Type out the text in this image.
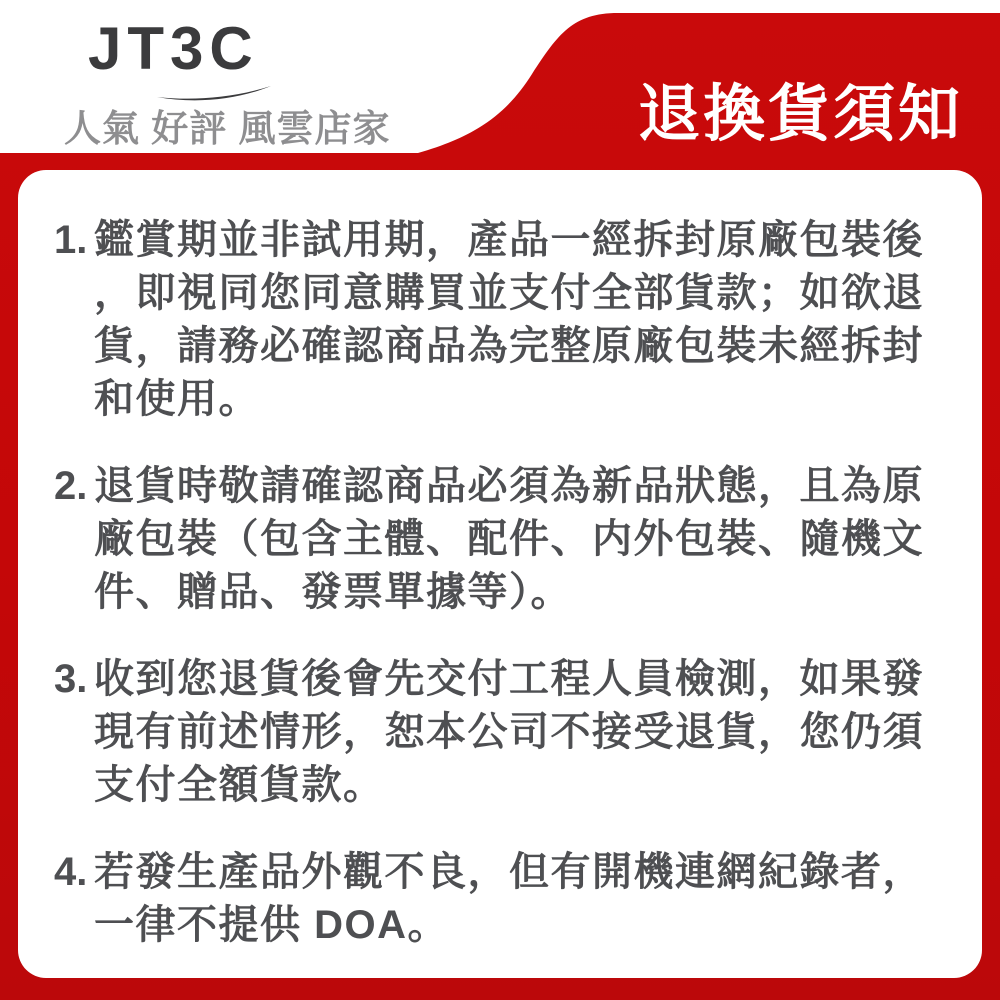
JT3C
人氣 好評 風雲店家	退換貨須知
1. 鑑賞期並非試用期，產品一經拆封原廠包裝後
，即視同您同意購買並支付全部貨款；如欲退
貨，請務必確認商品為完整原廠包裝未經拆封
和使用。
2. 退貨時敬請確認商品必須為新品狀態，且為原
廠包裝（包含主體、配件、内外包裝、隨機文
件、贈品、發票單據等）。
3. 收到您退貨後會先交付工程人員檢測，如果發
現有前述情形，恕本公司不接受退貨，您仍須
支付全額貨款。
4. 若發生產品外觀不良，但有開機連網紀錄者，
一律不提供 DOA。
